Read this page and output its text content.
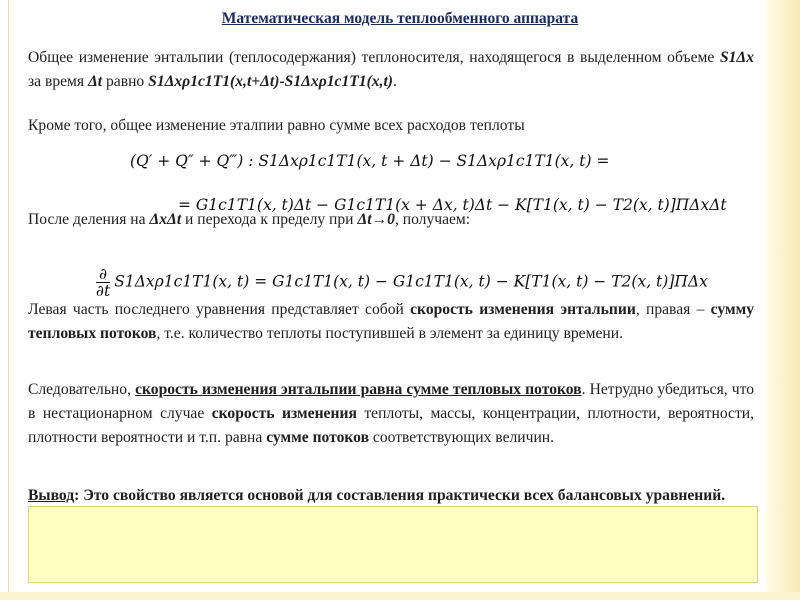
Математическая модель теплообменного аппарата
Общее изменение энтальпии (теплосодержания) теплоносителя, находящегося в выделенном объеме S1Δx за время Δt равно S1Δxρ1c1T1(x,t+Δt)-S1Δxρ1c1T1(x,t).
Кроме того, общее изменение эталпии равно сумме всех расходов теплоты
(Q′ + Q″ + Q‴) : S1Δxρ1c1T1(x, t + Δt) − S1Δxρ1c1T1(x, t) =
= G1c1T1(x, t)Δt − G1c1T1(x + Δx, t)Δt − K[T1(x, t) − T2(x, t)]ΠΔxΔt
После деления на ΔxΔt и перехода к пределу при Δt→0, получаем:
$\frac{\partial}{\partial t} S1\Delta x\rho 1c1T1(x$, t) = G1c1T1(x, t) − G1c1T1(x, t) − K[T1(x, t) − T2(x, t)]ΠΔx
Левая часть последнего уравнения представляет собой скорость изменения энтальпии, правая – сумму тепловых потоков, т.е. количество теплоты поступившей в элемент за единицу времени.
Следовательно, скорость изменения энтальпии равна сумме тепловых потоков. Нетрудно убедиться, что в нестационарном случае скорость изменения теплоты, массы, концентрации, плотности, вероятности, плотности вероятности и т.п. равна сумме потоков соответствующих величин.
Вывод: Это свойство является основой для составления практически всех балансовых уравнений.
